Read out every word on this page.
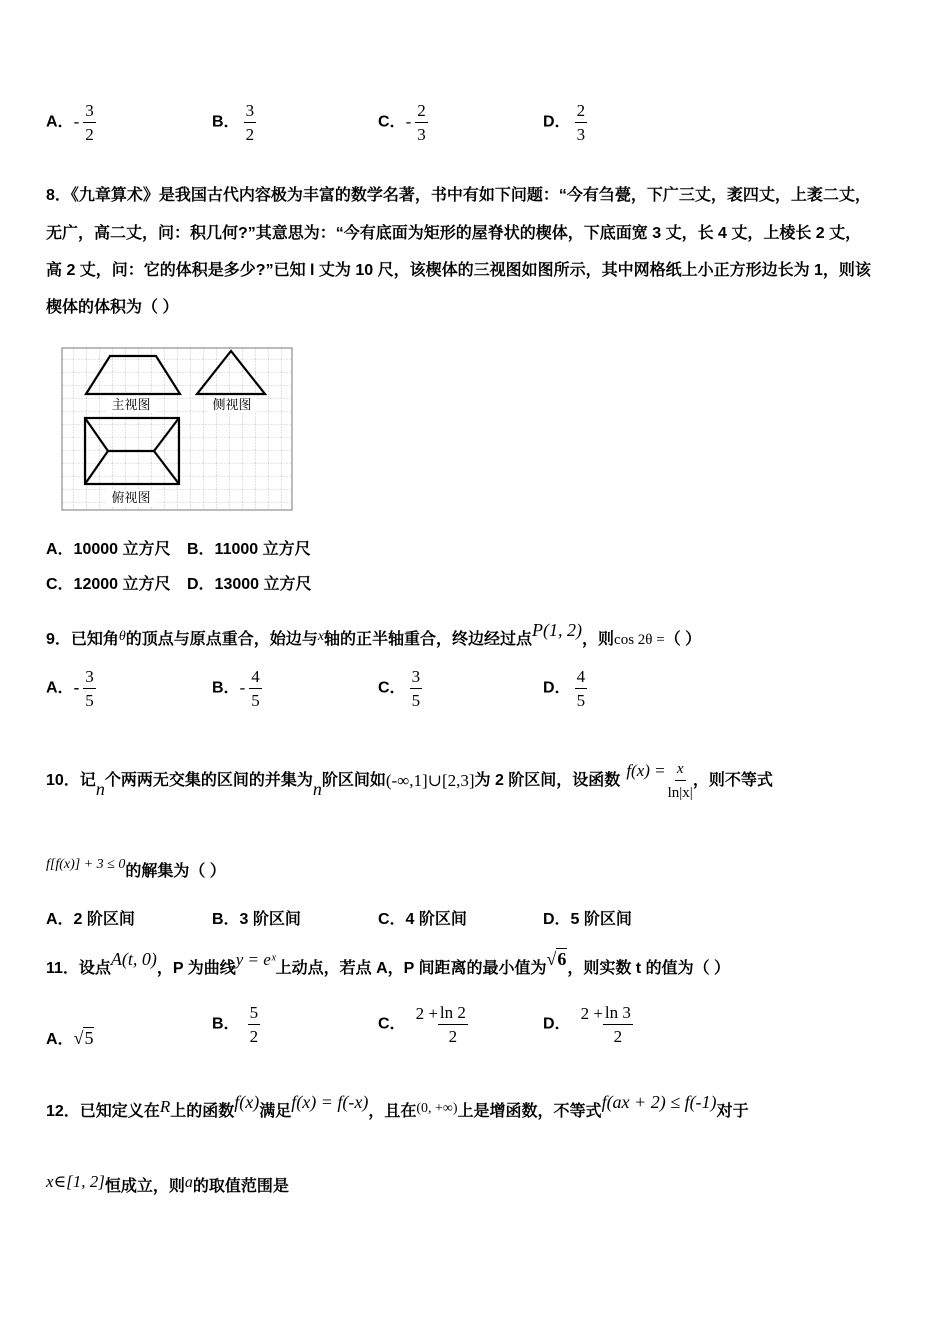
A．- $\frac{3}{2}$	B． $\frac{3}{2}$	C．- $\frac{2}{3}$	D． $\frac{2}{3}$
8．《九章算术》是我国古代内容极为丰富的数学名著，书中有如下问题：“今有刍甍，下广三丈，袤四丈，上袤二丈，
无广，高二丈，问：积几何?”其意思为：“今有底面为矩形的屋脊状的楔体，下底面宽 3 丈，长 4 丈，上棱长 2 丈，
高 2 丈，问：它的体积是多少?”已知 l 丈为 10 尺，该楔体的三视图如图所示，其中网格纸上小正方形边长为 1，则该
楔体的体积为（ ）
主视图	侧视图
俯视图
A．10000 立方尺 B．11000 立方尺
C．12000 立方尺 D．13000 立方尺
9．已知角θ的顶点与原点重合，始边与x轴的正半轴重合，终边经过点P(1, 2)，则cos 2θ =（ ）
A．- $\frac{3}{5}$	B．- $\frac{4}{5}$	C． $\frac{3}{5}$	D． $\frac{4}{5}$
10．记 n 个两两无交集的区间的并集为 n 阶区间如 (-∞,1]∪[2,3] 为 2 阶区间，设函数
$f(x) = \frac{x}{\ln|x|}$ ，则不等式
f[f(x)] + 3 ≤ 0的解集为（ ）
A．2 阶区间	B．3 阶区间	C．4 阶区间	D．5 阶区间
11．设点A(t, 0)，P 为曲线y = eˣ上动点，若点 A，P 间距离的最小值为√6，则实数 t 的值为（ ）
A．√5
B． $\frac{5}{2}$	C．$2 + \frac{\ln 2}{2}$	D．$2 + \frac{\ln 3}{2}$
12．已知定义在R上的函数f(x)满足f(x) = f(-x)，且在(0, +∞)上是增函数，不等式f(ax + 2) ≤ f(-1)对于
x∈[1, 2]恒成立，则a的取值范围是
